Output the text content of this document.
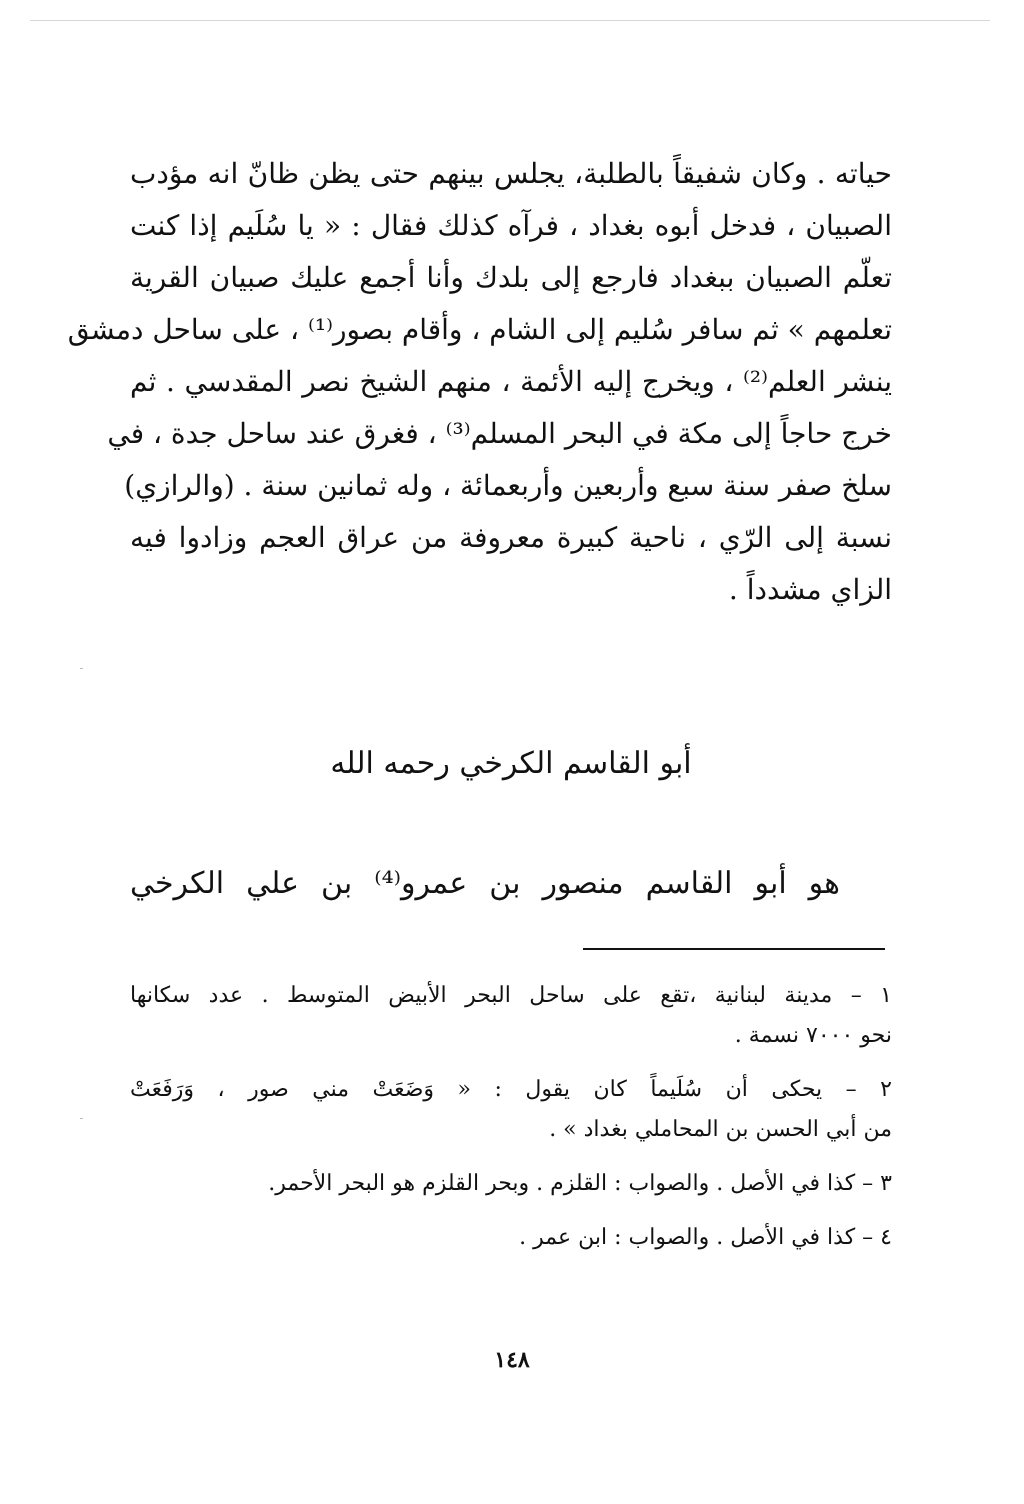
حياته . وكان شفيقاً بالطلبة، يجلس بينهم حتى يظن ظانّ انه مؤدب
الصبيان ، فدخل أبوه بغداد ، فرآه كذلك فقال : « يا سُلَيم إذا كنت
تعلّم الصبيان ببغداد فارجع إلى بلدك وأنا أجمع عليك صبيان القرية
تعلمهم » ثم سافر سُليم إلى الشام ، وأقام بصور⁽¹⁾ ، على ساحل دمشق
ينشر العلم⁽²⁾ ، ويخرج إليه الأئمة ، منهم الشيخ نصر المقدسي . ثم
خرج حاجاً إلى مكة في البحر المسلم⁽³⁾ ، فغرق عند ساحل جدة ، في
سلخ صفر سنة سبع وأربعين وأربعمائة ، وله ثمانين سنة . (والرازي)
نسبة إلى الرّي ، ناحية كبيرة معروفة من عراق العجم وزادوا فيه
الزاي مشدداً .
أبو القاسم الكرخي رحمه الله
هو أبو القاسم منصور بن عمرو⁽⁴⁾ بن علي الكرخي
١ – مدينة لبنانية ،تقع على ساحل البحر الأبيض المتوسط . عدد سكانها
نحو ٧٠٠٠ نسمة .
٢ – يحكى أن سُلَيماً كان يقول : « وَضَعَتْ مني صور ، وَرَفَعَتْ
من أبي الحسن بن المحاملي بغداد » .
٣ – كذا في الأصل . والصواب : القلزم . وبحر القلزم هو البحر الأحمر.
٤ – كذا في الأصل . والصواب : ابن عمر .
١٤٨
